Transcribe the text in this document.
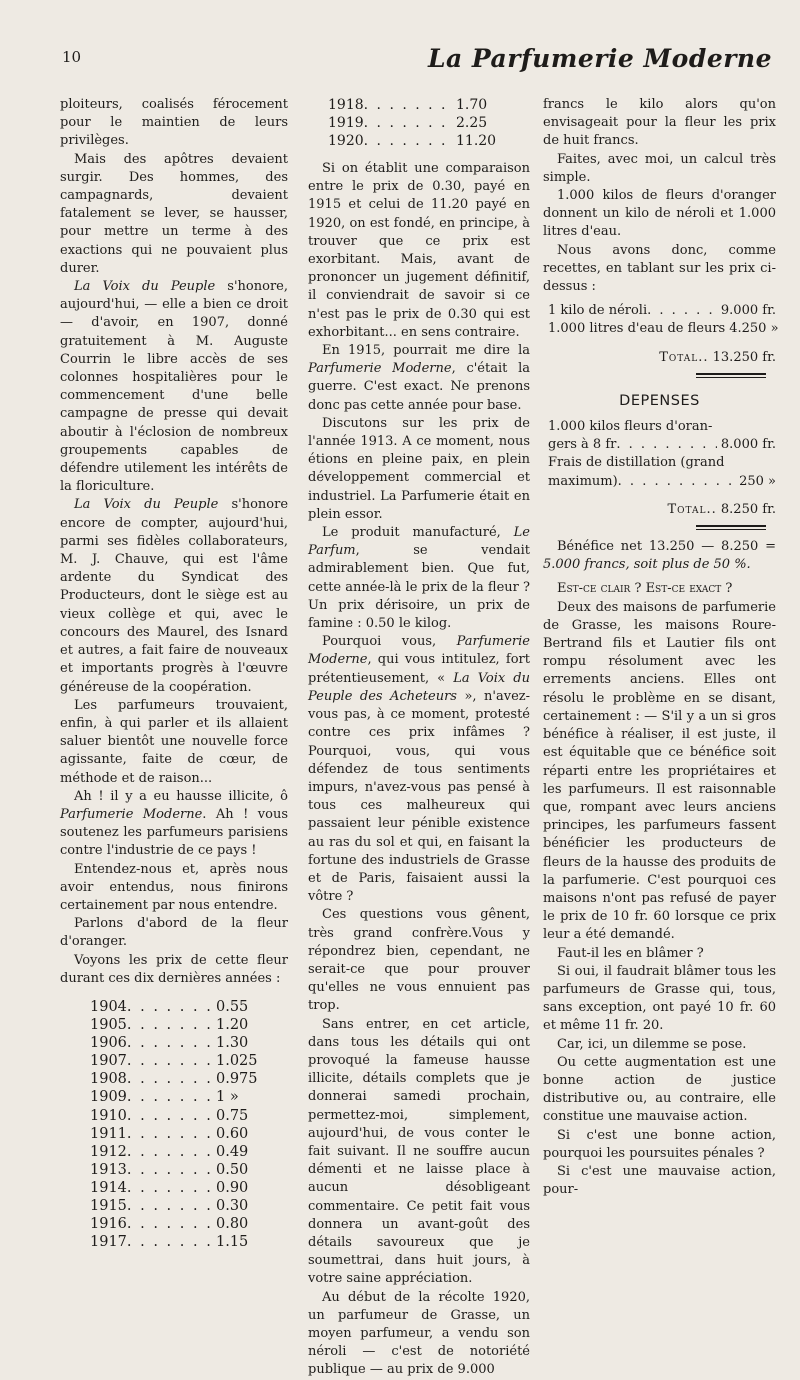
10	La Parfumerie Moderne

ploiteurs, coalisés férocement pour le maintien de leurs privilèges.

Mais des apôtres devaient surgir. Des hommes, des campagnards, devaient fatalement se lever, se hausser, pour mettre un terme à des exactions qui ne pouvaient plus durer.

La Voix du Peuple s'honore, aujourd'hui, — elle a bien ce droit — d'avoir, en 1907, donné gratuitement à M. Auguste Courrin le libre accès de ses colonnes hospitalières pour le commencement d'une belle campagne de presse qui devait aboutir à l'éclosion de nombreux groupements capables de défendre utilement les intérêts de la floriculture.

La Voix du Peuple s'honore encore de compter, aujourd'hui, parmi ses fidèles collaborateurs, M. J. Chauve, qui est l'âme ardente du Syndicat des Producteurs, dont le siège est au vieux collège et qui, avec le concours des Maurel, des Isnard et autres, a fait faire de nouveaux et importants progrès à l'œuvre généreuse de la coopération.

Les parfumeurs trouvaient, enfin, à qui parler et ils allaient saluer bientôt une nouvelle force agissante, faite de cœur, de méthode et de raison...

Ah ! il y a eu hausse illicite, ô Parfumerie Moderne. Ah ! vous soutenez les parfumeurs parisiens contre l'industrie de ce pays !

Entendez-nous et, après nous avoir entendus, nous finirons certainement par nous entendre.

Parlons d'abord de la fleur d'oranger.

Voyons les prix de cette fleur durant ces dix dernières années :

1904 . . .	0.55
1905 . . .	1.20
1906 . . .	1.30
1907 . . .	1.025
1908 . . .	0.975
1909 . . .	1 »
1910 . . .	0.75
1911 . . .	0.60
1912 . . .	0.49
1913 . . .	0.50
1914 . . .	0.90
1915 . . .	0.30
1916 . . .	0.80
1917 . . .	1.15
1918 . . .	1.70
1919 . . .	2.25
1920 . . .	11.20

Si on établit une comparaison entre le prix de 0.30, payé en 1915 et celui de 11.20 payé en 1920, on est fondé, en principe, à trouver que ce prix est exorbitant. Mais, avant de prononcer un jugement définitif, il conviendrait de savoir si ce n'est pas le prix de 0.30 qui est exhorbitant... en sens contraire.

En 1915, pourrait me dire la Parfumerie Moderne, c'était la guerre. C'est exact. Ne prenons donc pas cette année pour base.

Discutons sur les prix de l'année 1913. A ce moment, nous étions en pleine paix, en plein développement commercial et industriel. La Parfumerie était en plein essor.

Le produit manufacturé, Le Parfum, se vendait admirablement bien. Que fut, cette année-là le prix de la fleur ? Un prix dérisoire, un prix de famine : 0.50 le kilog.

Pourquoi vous, Parfumerie Moderne, qui vous intitulez, fort prétentieusement, « La Voix du Peuple des Acheteurs », n'avez-vous pas, à ce moment, protesté contre ces prix infâmes ? Pourquoi, vous, qui vous défendez de tous sentiments impurs, n'avez-vous pas pensé à tous ces malheureux qui passaient leur pénible existence au ras du sol et qui, en faisant la fortune des industriels de Grasse et de Paris, faisaient aussi la vôtre ?

Ces questions vous gênent, très grand confrère.Vous y répondrez bien, cependant, ne serait-ce que pour prouver qu'elles ne vous ennuient pas trop.

Sans entrer, en cet article, dans tous les détails qui ont provoqué la fameuse hausse illicite, détails complets que je donnerai samedi prochain, permettez-moi, simplement, aujourd'hui, de vous conter le fait suivant. Il ne souffre aucun démenti et ne laisse place à aucun désobligeant commentaire. Ce petit fait vous donnera un avant-goût des détails savoureux que je soumettrai, dans huit jours, à votre saine appréciation.

Au début de la récolte 1920, un parfumeur de Grasse, un moyen parfumeur, a vendu son néroli — c'est de notoriété publique — au prix de 9.000

francs le kilo alors qu'on envisageait pour la fleur les prix de huit francs.

Faites, avec moi, un calcul très simple.

1.000 kilos de fleurs d'oranger donnent un kilo de néroli et 1.000 litres d'eau.

Nous avons donc, comme recettes, en tablant sur les prix ci-dessus :

1 kilo de néroli . . .	9.000 fr.
1.000 litres d'eau de fleurs 4.250 »
Total.. 13.250 fr.
DEPENSES
1.000 kilos fleurs d'oran-
gers à 8 fr . . .	8.000 fr.
Frais de distillation (grand
maximum) . . .	250 »
Total.. 8.250 fr.

Bénéfice net 13.250 — 8.250 = 5.000 francs, soit plus de 50 %.

Est-ce clair ? Est-ce exact ?

Deux des maisons de parfumerie de Grasse, les maisons Roure-Bertrand fils et Lautier fils ont rompu résolument avec les errements anciens. Elles ont résolu le problème en se disant, certainement : — S'il y a un si gros bénéfice à réaliser, il est juste, il est équitable que ce bénéfice soit réparti entre les propriétaires et les parfumeurs. Il est raisonnable que, rompant avec leurs anciens principes, les parfumeurs fassent bénéficier les producteurs de fleurs de la hausse des produits de la parfumerie. C'est pourquoi ces maisons n'ont pas refusé de payer le prix de 10 fr. 60 lorsque ce prix leur a été demandé.

Faut-il les en blâmer ?

Si oui, il faudrait blâmer tous les parfumeurs de Grasse qui, tous, sans exception, ont payé 10 fr. 60 et même 11 fr. 20.

Car, ici, un dilemme se pose.

Ou cette augmentation est une bonne action de justice distributive ou, au contraire, elle constitue une mauvaise action.

Si c'est une bonne action, pourquoi les poursuites pénales ?

Si c'est une mauvaise action, pour-
